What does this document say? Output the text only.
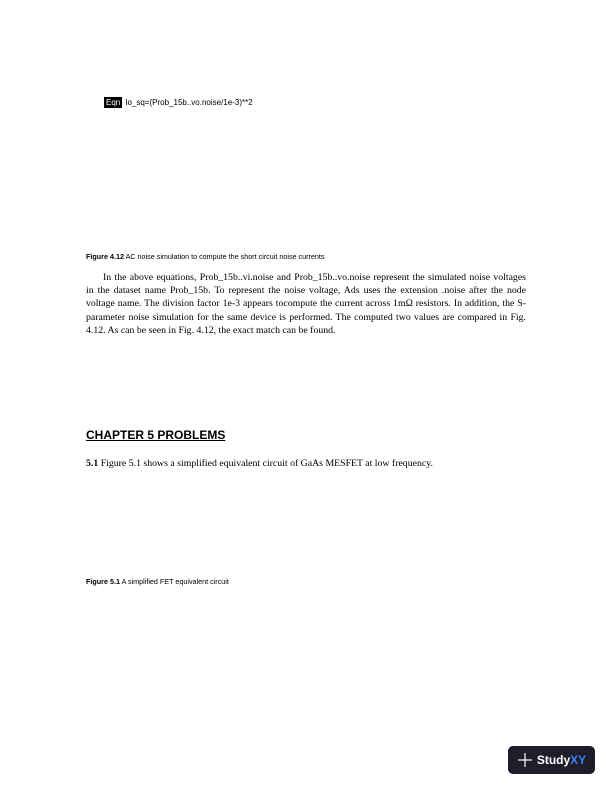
Eqn Io_sq=(Prob_15b..vo.noise/1e-3)**2
Figure 4.12 AC noise simulation to compute the short circuit noise currents
In the above equations, Prob_15b..vi.noise and Prob_15b..vo.noise represent the simulated noise voltages in the dataset name Prob_15b. To represent the noise voltage, Ads uses the extension .noise after the node voltage name. The division factor 1e-3 appears tocompute the current across 1mΩ resistors. In addition, the S-parameter noise simulation for the same device is performed. The computed two values are compared in Fig. 4.12. As can be seen in Fig. 4.12, the exact match can be found.
CHAPTER 5 PROBLEMS
5.1 Figure 5.1 shows a simplified equivalent circuit of GaAs MESFET at low frequency.
Figure 5.1 A simplified FET equivalent circuit
Study XY
